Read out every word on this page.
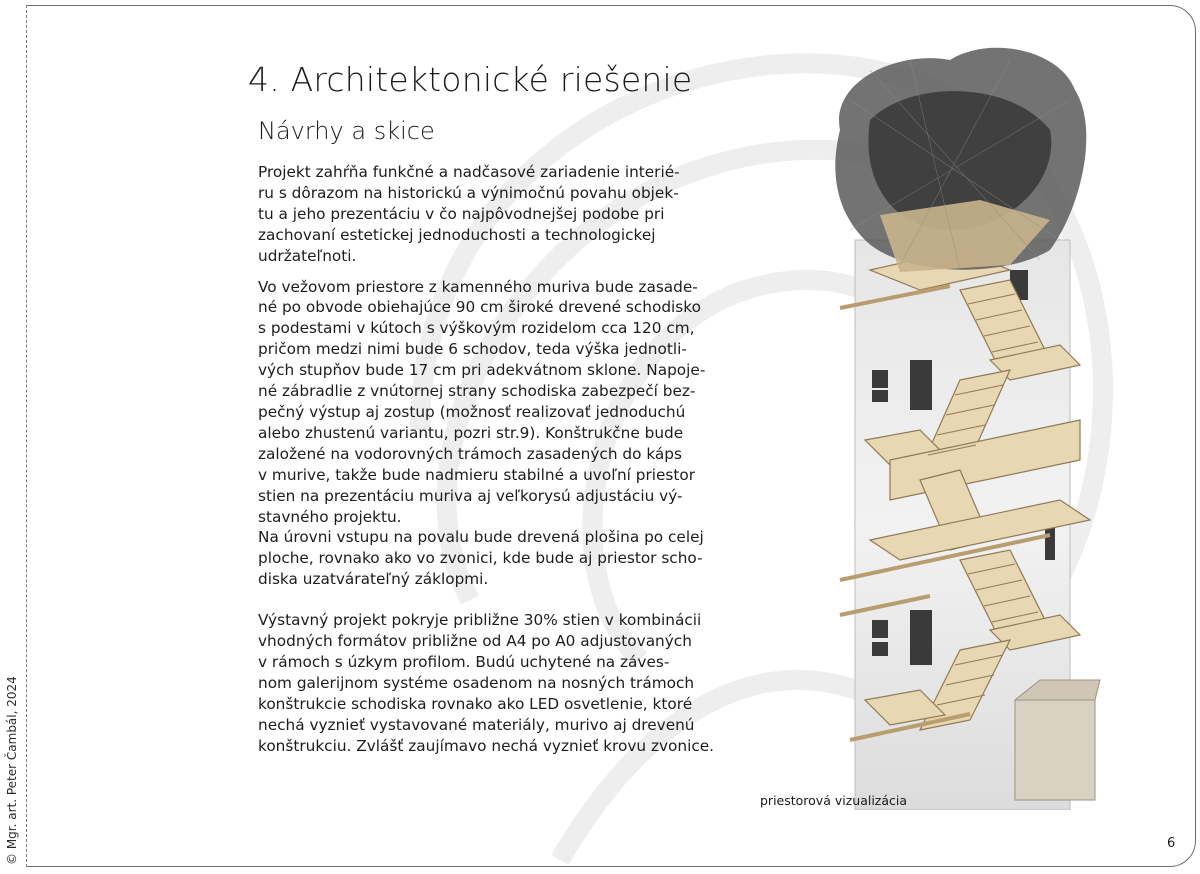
© Mgr. art. Peter Čambál, 2024
4. Architektonické riešenie
Návrhy a skice

Projekt zahŕňa funkčné a nadčasové zariadenie interié-
ru s dôrazom na historickú a výnimočnú povahu objek-
tu a jeho prezentáciu v čo najpôvodnejšej podobe pri
zachovaní estetickej jednoduchosti a technologickej
udržateľnoti.

Vo vežovom priestore z kamenného muriva bude zasade-
né po obvode obiehajúce 90 cm široké drevené schodisko
s podestami v kútoch s výškovým rozidelom cca 120 cm,
pričom medzi nimi bude 6 schodov, teda výška jednotli-
vých stupňov bude 17 cm pri adekvátnom sklone. Napoje-
né zábradlie z vnútornej strany schodiska zabezpečí bez-
pečný výstup aj zostup (možnosť realizovať jednoduchú
alebo zhustenú variantu, pozri str.9). Konštrukčne bude
založené na vodorovných trámoch zasadených do káps
v murive, takže bude nadmieru stabilné a uvoľní priestor
stien na prezentáciu muriva aj veľkorysú adjustáciu vý-
stavného projektu.

Na úrovni vstupu na povalu bude drevená plošina po celej
ploche, rovnako ako vo zvonici, kde bude aj priestor scho-
diska uzatvárateľný záklopmi.

Výstavný projekt pokryje približne 30% stien v kombinácii
vhodných formátov približne od A4 po A0 adjustovaných
v rámoch s úzkym profilom. Budú uchytené na záves-
nom galerijnom systéme osadenom na nosných trámoch
konštrukcie schodiska rovnako ako LED osvetlenie, ktoré
nechá vyznieť vystavované materiály, murivo aj drevenú
konštrukciu. Zvlášť zaujímavo nechá vyznieť krovu zvonice.

priestorová vizualizácia
6
